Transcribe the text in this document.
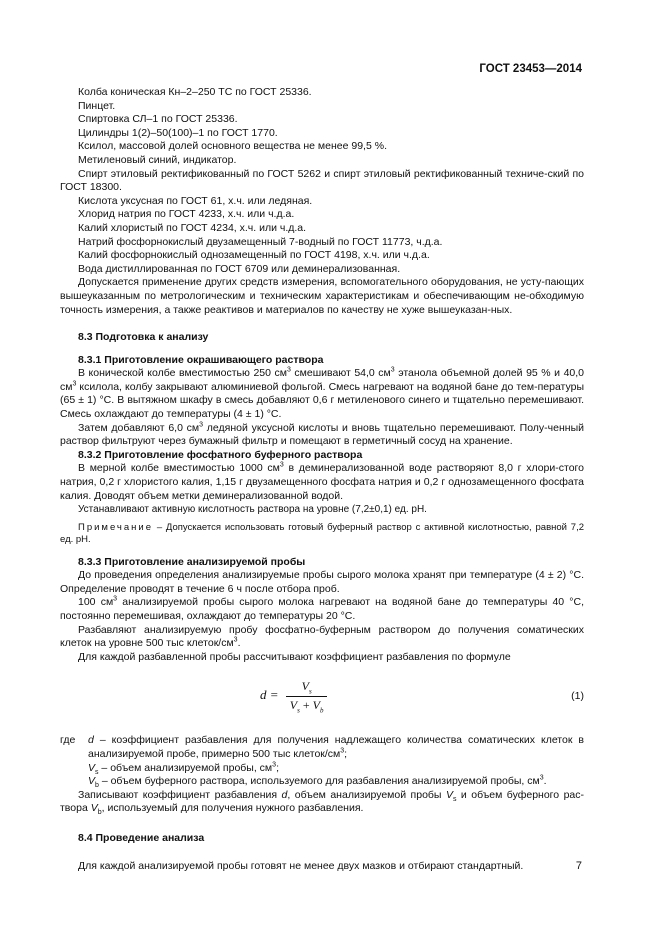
ГОСТ 23453—2014

Колба коническая Кн–2–250 ТС по ГОСТ 25336.

Пинцет.

Спиртовка СЛ–1 по ГОСТ 25336.

Цилиндры 1(2)–50(100)–1 по ГОСТ 1770.

Ксилол, массовой долей основного вещества не менее 99,5 %.

Метиленовый синий, индикатор.

Спирт этиловый ректификованный по ГОСТ 5262 и спирт этиловый ректификованный техниче-ский по ГОСТ 18300.

Кислота уксусная по ГОСТ 61, х.ч. или ледяная.

Хлорид натрия по ГОСТ 4233, х.ч. или ч.д.а.

Калий хлористый по ГОСТ 4234, х.ч. или ч.д.а.

Натрий фосфорнокислый двузамещенный 7-водный по ГОСТ 11773, ч.д.а.

Калий фосфорнокислый однозамещенный по ГОСТ 4198, х.ч. или ч.д.а.

Вода дистиллированная по ГОСТ 6709 или деминерализованная.

Допускается применение других средств измерения, вспомогательного оборудования, не усту-пающих вышеуказанным по метрологическим и техническим характеристикам и обеспечивающим не-обходимую точность измерения, а также реактивов и материалов по качеству не хуже вышеуказан-ных.

8.3 Подготовка к анализу

8.3.1 Приготовление окрашивающего раствора

В конической колбе вместимостью 250 $см^3$ смешивают 54,0 $см^3$ этанола объемной долей 95 % и 40,0 $см^3$ ксилола, колбу закрывают алюминиевой фольгой. Смесь нагревают на водяной бане до тем-пературы (65 ± 1) °С. В вытяжном шкафу в смесь добавляют 0,6 г метиленового синего и тщательно перемешивают. Смесь охлаждают до температуры (4 ± 1) °С.

Затем добавляют 6,0 $см^3$ ледяной уксусной кислоты и вновь тщательно перемешивают. Полу-ченный раствор фильтруют через бумажный фильтр и помещают в герметичный сосуд на хранение.

8.3.2 Приготовление фосфатного буферного раствора

В мерной колбе вместимостью 1000 $см^3$ в деминерализованной воде растворяют 8,0 г хлори-стого натрия, 0,2 г хлористого калия, 1,15 г двузамещенного фосфата натрия и 0,2 г однозамещенного фосфата калия. Доводят объем метки деминерализованной водой.

Устанавливают активную кислотность раствора на уровне (7,2±0,1) ед. рН.

Примечание – Допускается использовать готовый буферный раствор с активной кислотностью, равной 7,2 ед. рН.

8.3.3 Приготовление анализируемой пробы

До проведения определения анализируемые пробы сырого молока хранят при температуре (4 ± 2) °С. Определение проводят в течение 6 ч после отбора проб.

100 $см^3$ анализируемой пробы сырого молока нагревают на водяной бане до температуры 40 °С, постоянно перемешивая, охлаждают до температуры 20 °С.

Разбавляют анализируемую пробу фосфатно-буферным раствором до получения соматических клеток на уровне 500 тыс клеток/$см^3$.

Для каждой разбавленной пробы рассчитывают коэффициент разбавления по формуле

$d = \frac{V_s}{V_s + V_b}$	(1)
где	d – коэффициент разбавления для получения надлежащего количества соматических клеток в анализируемой пробе, примерно 500 тыс клеток/$см^3$;

$V_s$ – объем анализируемой пробы, $см^3$;

$V_b$ – объем буферного раствора, используемого для разбавления анализируемой пробы, $см^3$.

Записывают коэффициент разбавления d, объем анализируемой пробы $V_s$ и объем буферного рас-твора $V_b$, используемый для получения нужного разбавления.

8.4 Проведение анализа

Для каждой анализируемой пробы готовят не менее двух мазков и отбирают стандартный.	7
